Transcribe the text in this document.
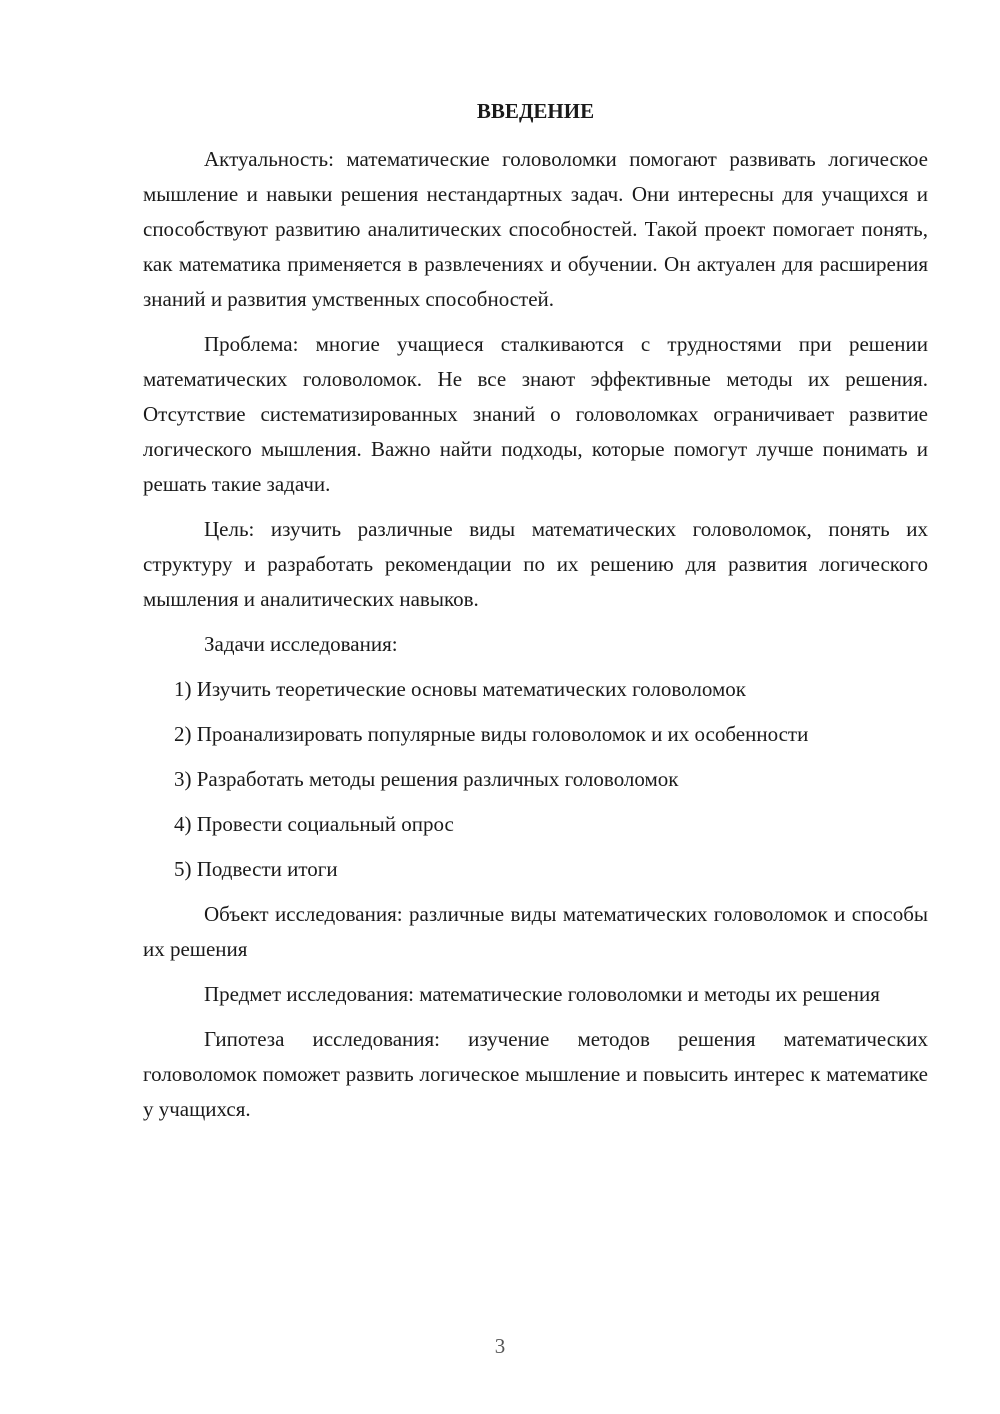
ВВЕДЕНИЕ

Актуальность: математические головоломки помогают развивать логическое мышление и навыки решения нестандартных задач. Они интересны для учащихся и способствуют развитию аналитических способностей. Такой проект помогает понять, как математика применяется в развлечениях и обучении. Он актуален для расширения знаний и развития умственных способностей.

Проблема: многие учащиеся сталкиваются с трудностями при решении математических головоломок. Не все знают эффективные методы их решения. Отсутствие систематизированных знаний о головоломках ограничивает развитие логического мышления. Важно найти подходы, которые помогут лучше понимать и решать такие задачи.

Цель: изучить различные виды математических головоломок, понять их структуру и разработать рекомендации по их решению для развития логического мышления и аналитических навыков.

Задачи исследования:

1) Изучить теоретические основы математических головоломок

2) Проанализировать популярные виды головоломок и их особенности

3) Разработать методы решения различных головоломок

4) Провести социальный опрос

5) Подвести итоги

Объект исследования: различные виды математических головоломок и способы их решения

Предмет исследования: математические головоломки и методы их решения

Гипотеза исследования: изучение методов решения математических головоломок поможет развить логическое мышление и повысить интерес к математике у учащихся.

3
